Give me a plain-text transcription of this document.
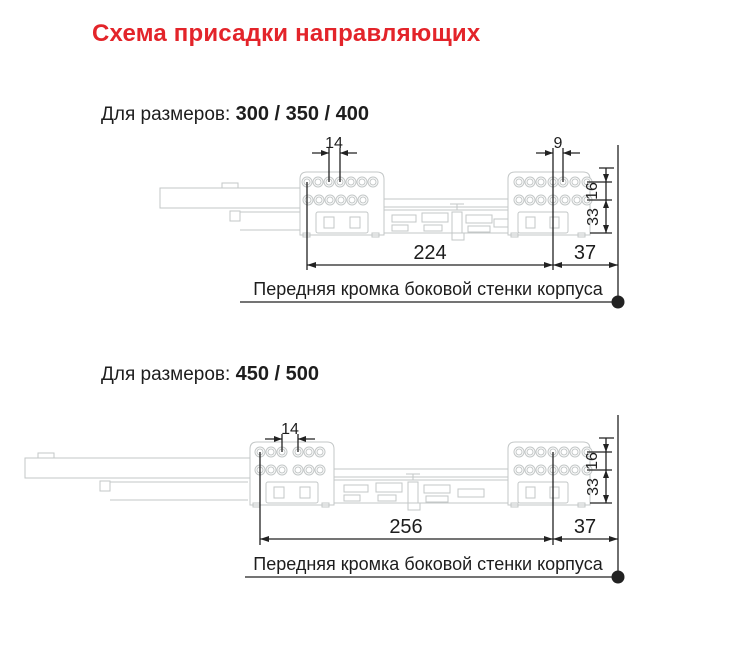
Схема присадки направляющих
Для размеров: 300 / 350 / 400
14	9
224	37
16
33
Передняя кромка боковой стенки корпуса
Для размеров: 450 / 500
14
256	37
16
33
Передняя кромка боковой стенки корпуса
